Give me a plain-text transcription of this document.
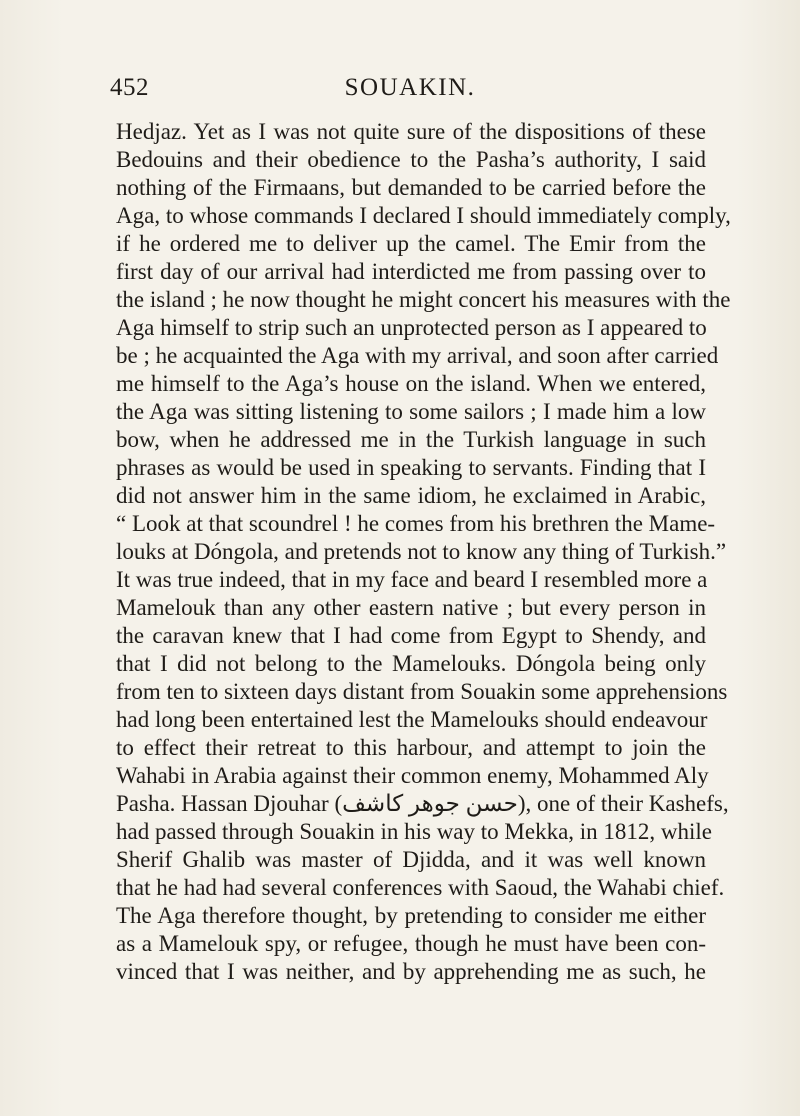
452	SOUAKIN.
Hedjaz. Yet as I was not quite sure of the dispositions of these
Bedouins and their obedience to the Pasha’s authority, I said
nothing of the Firmaans, but demanded to be carried before the
Aga, to whose commands I declared I should immediately comply,
if he ordered me to deliver up the camel. The Emir from the
first day of our arrival had interdicted me from passing over to
the island ; he now thought he might concert his measures with the
Aga himself to strip such an unprotected person as I appeared to
be ; he acquainted the Aga with my arrival, and soon after carried
me himself to the Aga’s house on the island. When we entered,
the Aga was sitting listening to some sailors ; I made him a low
bow, when he addressed me in the Turkish language in such
phrases as would be used in speaking to servants. Finding that I
did not answer him in the same idiom, he exclaimed in Arabic,
“ Look at that scoundrel ! he comes from his brethren the Mame-
louks at Dóngola, and pretends not to know any thing of Turkish.”
It was true indeed, that in my face and beard I resembled more a
Mamelouk than any other eastern native ; but every person in
the caravan knew that I had come from Egypt to Shendy, and
that I did not belong to the Mamelouks. Dóngola being only
from ten to sixteen days distant from Souakin some apprehensions
had long been entertained lest the Mamelouks should endeavour
to effect their retreat to this harbour, and attempt to join the
Wahabi in Arabia against their common enemy, Mohammed Aly
Pasha. Hassan Djouhar (حسن جوهر كاشف), one of their Kashefs,
had passed through Souakin in his way to Mekka, in 1812, while
Sherif Ghalib was master of Djidda, and it was well known
that he had had several conferences with Saoud, the Wahabi chief.
The Aga therefore thought, by pretending to consider me either
as a Mamelouk spy, or refugee, though he must have been con-
vinced that I was neither, and by apprehending me as such, he
